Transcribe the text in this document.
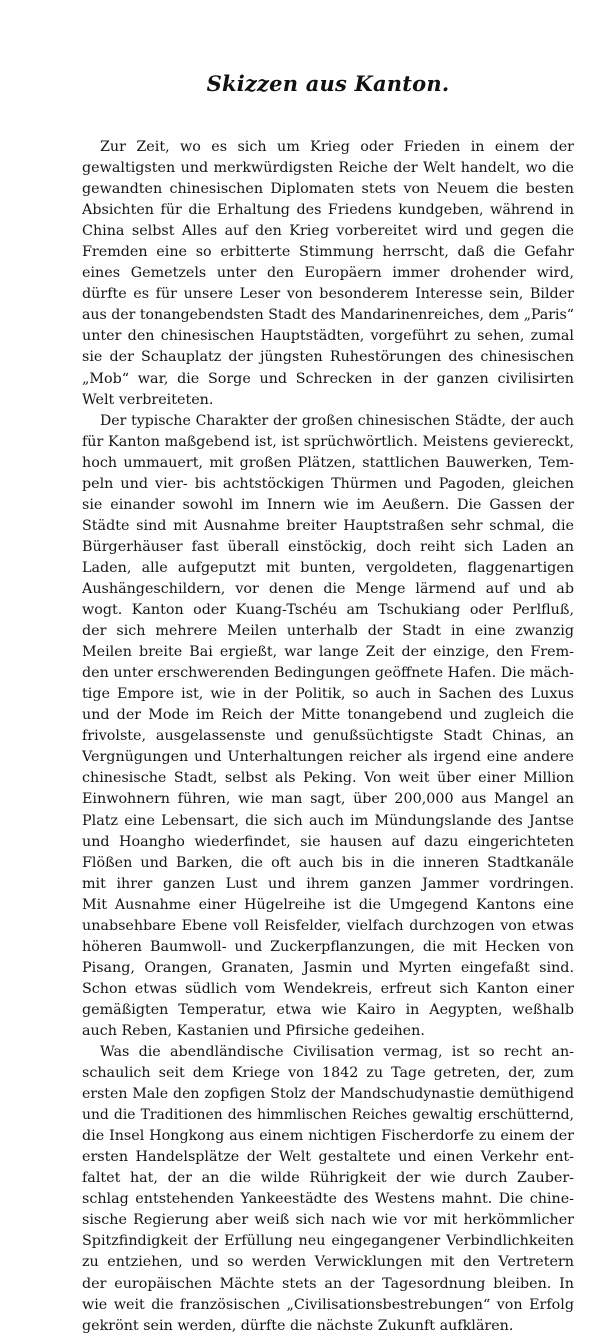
Skizzen aus Kanton.
Zur Zeit, wo es sich um Krieg oder Frieden in einem der
gewaltigsten und merkwürdigsten Reiche der Welt handelt, wo die
gewandten chinesischen Diplomaten stets von Neuem die besten
Absichten für die Erhaltung des Friedens kundgeben, während in
China selbst Alles auf den Krieg vorbereitet wird und gegen die
Fremden eine so erbitterte Stimmung herrscht, daß die Gefahr
eines Gemetzels unter den Europäern immer drohender wird,
dürfte es für unsere Leser von besonderem Interesse sein, Bilder
aus der tonangebendsten Stadt des Mandarinenreiches, dem „Paris“
unter den chinesischen Hauptstädten, vorgeführt zu sehen, zumal
sie der Schauplatz der jüngsten Ruhestörungen des chinesischen
„Mob“ war, die Sorge und Schrecken in der ganzen civilisirten
Welt verbreiteten.
Der typische Charakter der großen chinesischen Städte, der auch
für Kanton maßgebend ist, ist sprüchwörtlich. Meistens geviereckt,
hoch ummauert, mit großen Plätzen, stattlichen Bauwerken, Tem-
peln und vier- bis achtstöckigen Thürmen und Pagoden, gleichen
sie einander sowohl im Innern wie im Aeußern. Die Gassen der
Städte sind mit Ausnahme breiter Hauptstraßen sehr schmal, die
Bürgerhäuser fast überall einstöckig, doch reiht sich Laden an
Laden, alle aufgeputzt mit bunten, vergoldeten, flaggenartigen
Aushängeschildern, vor denen die Menge lärmend auf und ab
wogt. Kanton oder Kuang-Tschéu am Tschukiang oder Perlfluß,
der sich mehrere Meilen unterhalb der Stadt in eine zwanzig
Meilen breite Bai ergießt, war lange Zeit der einzige, den Frem-
den unter erschwerenden Bedingungen geöffnete Hafen. Die mäch-
tige Empore ist, wie in der Politik, so auch in Sachen des Luxus
und der Mode im Reich der Mitte tonangebend und zugleich die
frivolste, ausgelassenste und genußsüchtigste Stadt Chinas, an
Vergnügungen und Unterhaltungen reicher als irgend eine andere
chinesische Stadt, selbst als Peking. Von weit über einer Million
Einwohnern führen, wie man sagt, über 200,000 aus Mangel an
Platz eine Lebensart, die sich auch im Mündungslande des Jantse
und Hoangho wiederfindet, sie hausen auf dazu eingerichteten
Flößen und Barken, die oft auch bis in die inneren Stadtkanäle
mit ihrer ganzen Lust und ihrem ganzen Jammer vordringen.
Mit Ausnahme einer Hügelreihe ist die Umgegend Kantons eine
unabsehbare Ebene voll Reisfelder, vielfach durchzogen von etwas
höheren Baumwoll- und Zuckerpflanzungen, die mit Hecken von
Pisang, Orangen, Granaten, Jasmin und Myrten eingefaßt sind.
Schon etwas südlich vom Wendekreis, erfreut sich Kanton einer
gemäßigten Temperatur, etwa wie Kairo in Aegypten, weßhalb
auch Reben, Kastanien und Pfirsiche gedeihen.
Was die abendländische Civilisation vermag, ist so recht an-
schaulich seit dem Kriege von 1842 zu Tage getreten, der, zum
ersten Male den zopfigen Stolz der Mandschudynastie demüthigend
und die Traditionen des himmlischen Reiches gewaltig erschütternd,
die Insel Hongkong aus einem nichtigen Fischerdorfe zu einem der
ersten Handelsplätze der Welt gestaltete und einen Verkehr ent-
faltet hat, der an die wilde Rührigkeit der wie durch Zauber-
schlag entstehenden Yankeestädte des Westens mahnt. Die chine-
sische Regierung aber weiß sich nach wie vor mit herkömmlicher
Spitzfindigkeit der Erfüllung neu eingegangener Verbindlichkeiten
zu entziehen, und so werden Verwicklungen mit den Vertretern
der europäischen Mächte stets an der Tagesordnung bleiben. In
wie weit die französischen „Civilisationsbestrebungen“ von Erfolg
gekrönt sein werden, dürfte die nächste Zukunft aufklären.
